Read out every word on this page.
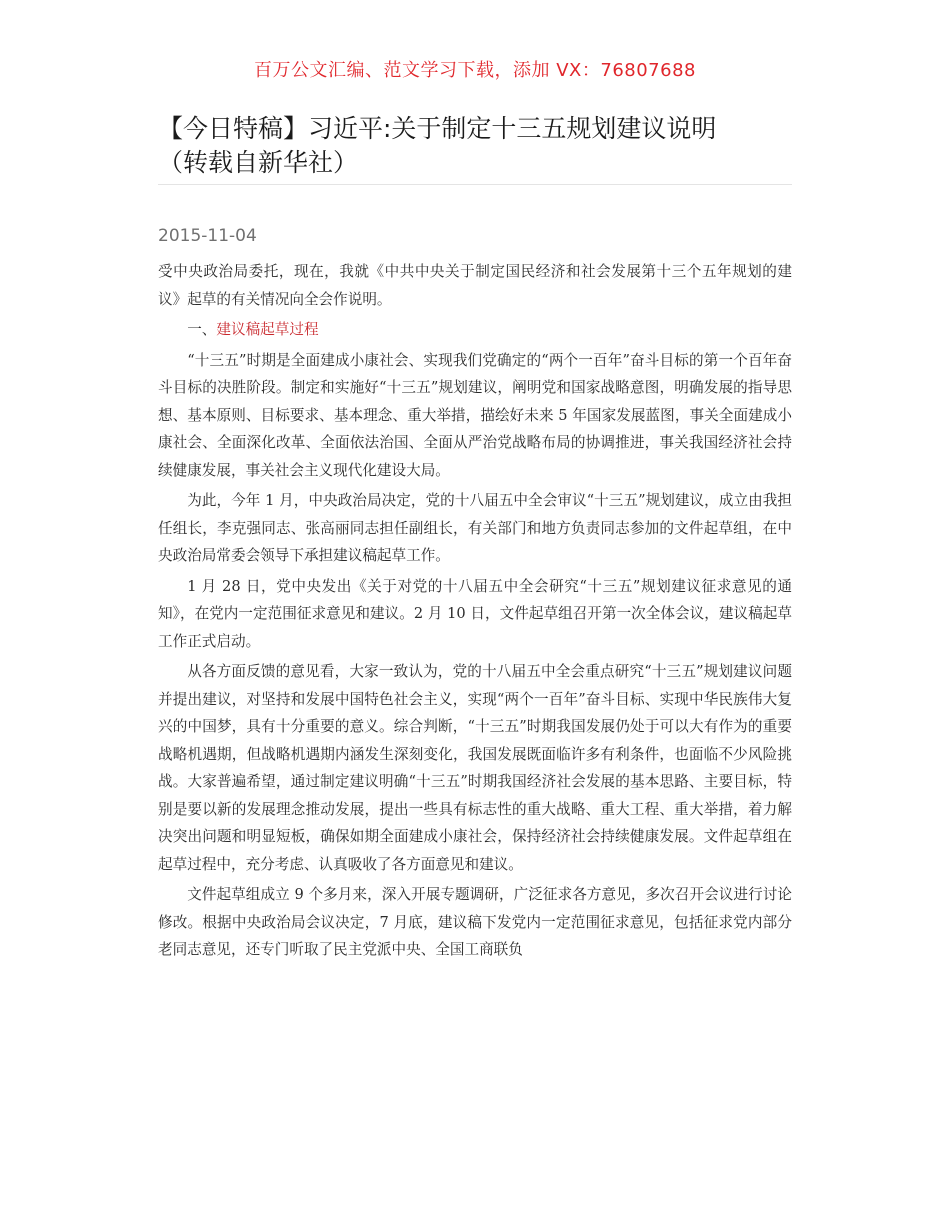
百万公文汇编、范文学习下载，添加 VX：76807688
【今日特稿】习近平:关于制定十三五规划建议说明
（转载自新华社）
2015-11-04

受中央政治局委托，现在，我就《中共中央关于制定国民经济和社会发展第十三个五年规划的建议》起草的有关情况向全会作说明。

一、建议稿起草过程

“十三五”时期是全面建成小康社会、实现我们党确定的“两个一百年”奋斗目标的第一个百年奋斗目标的决胜阶段。制定和实施好“十三五”规划建议，阐明党和国家战略意图，明确发展的指导思想、基本原则、目标要求、基本理念、重大举措，描绘好未来 5 年国家发展蓝图，事关全面建成小康社会、全面深化改革、全面依法治国、全面从严治党战略布局的协调推进，事关我国经济社会持续健康发展，事关社会主义现代化建设大局。

为此，今年 1 月，中央政治局决定，党的十八届五中全会审议“十三五”规划建议，成立由我担任组长，李克强同志、张高丽同志担任副组长，有关部门和地方负责同志参加的文件起草组，在中央政治局常委会领导下承担建议稿起草工作。

1 月 28 日，党中央发出《关于对党的十八届五中全会研究“十三五”规划建议征求意见的通知》，在党内一定范围征求意见和建议。2 月 10 日，文件起草组召开第一次全体会议，建议稿起草工作正式启动。

从各方面反馈的意见看，大家一致认为，党的十八届五中全会重点研究“十三五”规划建议问题并提出建议，对坚持和发展中国特色社会主义，实现“两个一百年”奋斗目标、实现中华民族伟大复兴的中国梦，具有十分重要的意义。综合判断，“十三五”时期我国发展仍处于可以大有作为的重要战略机遇期，但战略机遇期内涵发生深刻变化，我国发展既面临许多有利条件，也面临不少风险挑战。大家普遍希望，通过制定建议明确“十三五”时期我国经济社会发展的基本思路、主要目标，特别是要以新的发展理念推动发展，提出一些具有标志性的重大战略、重大工程、重大举措，着力解决突出问题和明显短板，确保如期全面建成小康社会，保持经济社会持续健康发展。文件起草组在起草过程中，充分考虑、认真吸收了各方面意见和建议。

文件起草组成立 9 个多月来，深入开展专题调研，广泛征求各方意见，多次召开会议进行讨论修改。根据中央政治局会议决定，7 月底，建议稿下发党内一定范围征求意见，包括征求党内部分老同志意见，还专门听取了民主党派中央、全国工商联负
